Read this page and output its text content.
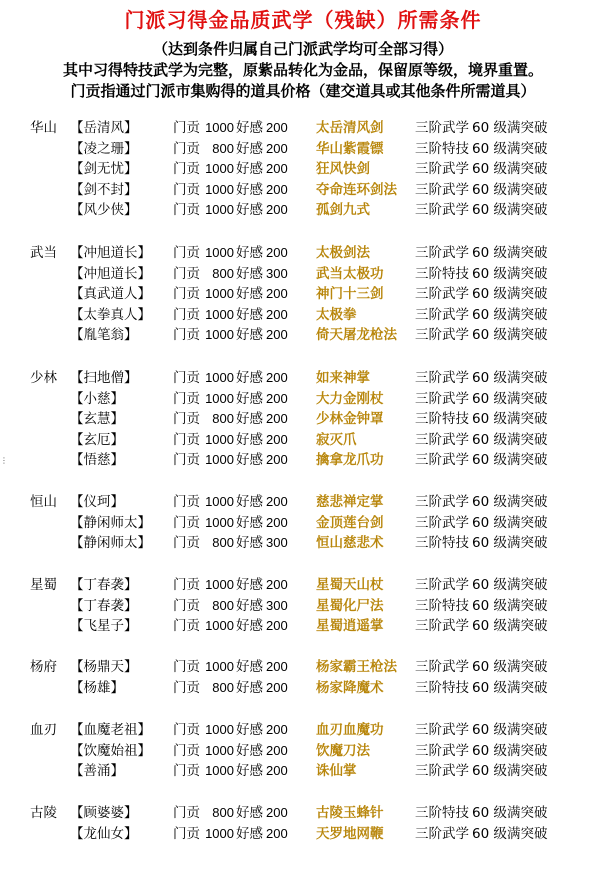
门派习得金品质武学（残缺）所需条件
（达到条件归属自己门派武学均可全部习得）
其中习得特技武学为完整，原紫品转化为金品，保留原等级，境界重置。
门贡指通过门派市集购得的道具价格（建交道具或其他条件所需道具）
华山 【岳清风】	门贡 1000 好感 200 太岳清风剑 三阶武学 60 级满突破
【凌之珊】	门贡 800 好感 200 华山紫霞镖 三阶特技 60 级满突破
【剑无忧】	门贡 1000 好感 200 狂风快剑	三阶武学 60 级满突破
【剑不封】	门贡 1000 好感 200 夺命连环剑法 三阶武学 60 级满突破
【风少侠】	门贡 1000 好感 200 孤剑九式	三阶武学 60 级满突破
武当 【冲旭道长】 门贡 1000 好感 200 太极剑法	三阶武学 60 级满突破
【冲旭道长】 门贡 800 好感 300 武当太极功 三阶特技 60 级满突破
【真武道人】 门贡 1000 好感 200 神门十三剑 三阶武学 60 级满突破
【太拳真人】 门贡 1000 好感 200 太极拳	三阶武学 60 级满突破
【胤笔翁】	门贡 1000 好感 200 倚天屠龙枪法 三阶武学 60 级满突破
少林 【扫地僧】	门贡 1000 好感 200 如来神掌	三阶武学 60 级满突破
【小慈】	门贡 1000 好感 200 大力金刚杖 三阶武学 60 级满突破
【玄慧】	门贡 800 好感 200 少林金钟罩 三阶特技 60 级满突破
【玄厄】	门贡 1000 好感 200 寂灭爪	三阶武学 60 级满突破
【悟慈】	门贡 1000 好感 200 擒拿龙爪功 三阶武学 60 级满突破
恒山 【仪珂】	门贡 1000 好感 200 慈悲禅定掌 三阶武学 60 级满突破
【静闲师太】 门贡 1000 好感 200 金顶莲台剑 三阶武学 60 级满突破
【静闲师太】 门贡 800 好感 300 恒山慈悲术 三阶特技 60 级满突破
星蜀 【丁春袭】	门贡 1000 好感 200 星蜀天山杖 三阶武学 60 级满突破
【丁春袭】	门贡 800 好感 300 星蜀化尸法 三阶特技 60 级满突破
【飞星子】	门贡 1000 好感 200 星蜀逍遥掌 三阶武学 60 级满突破
杨府 【杨鼎天】	门贡 1000 好感 200 杨家霸王枪法 三阶武学 60 级满突破
【杨雄】	门贡 800 好感 200 杨家降魔术 三阶特技 60 级满突破
血刃 【血魔老祖】 门贡 1000 好感 200 血刃血魔功 三阶武学 60 级满突破
【饮魔始祖】 门贡 1000 好感 200 饮魔刀法	三阶武学 60 级满突破
【善涌】	门贡 1000 好感 200 诛仙掌	三阶武学 60 级满突破
古陵 【顾婆婆】	门贡 800 好感 200 古陵玉蜂针 三阶特技 60 级满突破
【龙仙女】	门贡 1000 好感 200 天罗地网鞭 三阶武学 60 级满突破
⋮
